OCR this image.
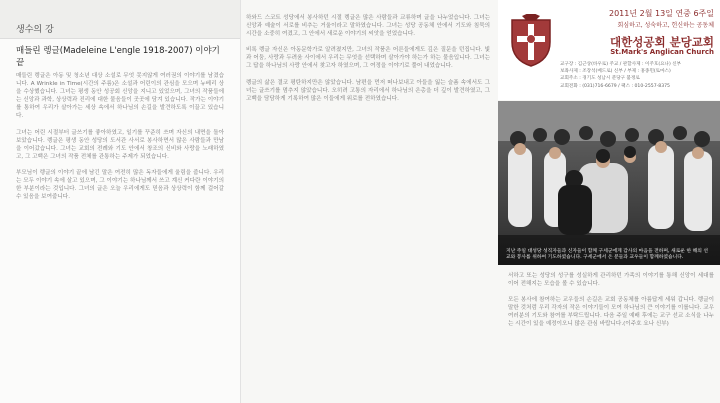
생수의 강
매들린 렝글(Madeleine L'engle 1918-2007) 이야기 끝

매들린 렝글은 아동 및 청소년 대상 소설로 무엇 못지않게 여러권의 이야기를 남겼습니다. A Wrinkle in Time(시간의 주름)은 소설과 어린이의 관심을 모으며 뉴베리 상을 수상했습니다. 그녀는 평생 동안 성공회 신앙을 지니고 있었으며, 그녀의 작품들에는 신앙과 과학, 상상력과 진리에 대한 물음들이 곳곳에 담겨 있습니다. 작가는 이야기를 통하여 우리가 살아가는 세상 속에서 하나님의 손길을 발견하도록 이끌고 있습니다.

그녀는 어린 시절부터 글쓰기를 좋아하였고, 일기를 꾸준히 쓰며 자신의 내면을 돌아보았습니다. 렝글은 평생 동안 성당의 도서관 사서로 봉사하면서 많은 사람들과 만남을 이어갔습니다. 그녀는 교회의 전례와 기도 안에서 창조의 신비와 사랑을 노래하였고, 그 고백은 그녀의 작품 전체를 관통하는 주제가 되었습니다.

부모님이 렝글의 이야기 끝에 남긴 말은 여전히 많은 독자들에게 울림을 줍니다. 우리는 모두 이야기 속에 살고 있으며, 그 이야기는 하나님께서 쓰고 계신 커다란 이야기의 한 부분이라는 것입니다. 그녀의 글은 오늘 우리에게도 믿음과 상상력이 함께 걸어갈 수 있음을 보여줍니다.

하와드 스코트 성당에서 봉사하던 시절 렝글은 많은 사람들과 교류하며 글을 나누었습니다. 그녀는 신앙과 예술이 서로를 비추는 거울이라고 말하였습니다. 그녀는 성당 공동체 안에서 기도와 침묵의 시간을 소중히 여겼고, 그 안에서 새로운 이야기의 씨앗을 얻었습니다.

비록 렝글 자신은 아동문학가로 알려졌지만, 그녀의 작품은 어른들에게도 깊은 질문을 던집니다. 빛과 어둠, 사랑과 두려움 사이에서 우리는 무엇을 선택하며 살아가야 하는가 하는 물음입니다. 그녀는 그 답을 하나님의 사랑 안에서 찾고자 하였으며, 그 여정을 이야기로 풀어 내었습니다.

렝글의 삶은 결코 평탄하지만은 않았습니다. 남편을 먼저 떠나보내고 아들을 잃는 슬픔 속에서도 그녀는 글쓰기를 멈추지 않았습니다. 오히려 고통의 자리에서 하나님의 은총을 더 깊이 발견하였고, 그 고백을 담담하게 기록하여 많은 이들에게 위로를 전하였습니다.

2011년 2월 13일 연중 6주일
회심하고, 성숙하고, 헌신하는 공동체
대한성공회 분당교회
St.Mark's Anglican Church
교구장 : 김근상(바우로) 주교 / 관할사제 : 이주호(요나) 신부
보좌사제 : 조장석(베드로) 신부 / 부제 : 홍종민(토마스)
교회주소 : 경기도 성남시 분당구 불정로
교회전화 : (031)716-6679 / 팩스 : 010-2557-8375
지난 주일 대성당 성직자들과 신자들이 함께 구세군에게 감사의 마음을 전하며, 새로운 한 해의 선교와 봉사를 위하여 기도하였습니다. 구세군에서 온 분들과 교우들이 함께하였습니다.

서하고 또는 성당의 성구를 성실하게 관리하던 가족의 이야기를 통해 신앙이 세대를 이어 전해지는 모습을 볼 수 있습니다.

모든 봉사에 참여하는 교우들의 손길은 교회 공동체를 아름답게 세워 갑니다. 렝글이 말한 것처럼 우리 각자의 작은 이야기들이 모여 하나님의 큰 이야기를 이룹니다. 교우 여러분의 기도와 참여를 부탁드립니다. 다음 주일 예배 후에는 교구 선교 소식을 나누는 시간이 있을 예정이오니 많은 관심 바랍니다.(이주호 요나 신부)
